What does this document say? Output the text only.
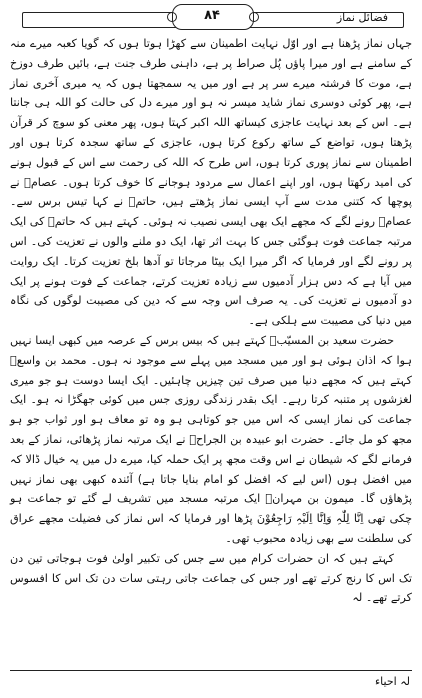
۸۴	فضائل نماز

جہاں نماز پڑھنا ہے اور اوّل نہایت اطمینان سے کھڑا ہوتا ہوں کہ گویا کعبہ میرے منہ کے سامنے ہے اور میرا پاؤں پُل صراط پر ہے، داہنی طرف جنت ہے، بائیں طرف دوزخ ہے، موت کا فرشتہ میرے سر پر ہے اور میں یہ سمجھتا ہوں کہ یہ میری آخری نماز ہے، پھر کوئی دوسری نماز شاید میسر نہ ہو اور میرے دل کی حالت کو اللہ ہی جانتا ہے۔ اس کے بعد نہایت عاجزی کیساتھ اللہ اکبر کہتا ہوں، پھر معنی کو سوچ کر قرآن پڑھتا ہوں، تواضع کے ساتھ رکوع کرتا ہوں، عاجزی کے ساتھ سجدہ کرتا ہوں اور اطمینان سے نماز پوری کرتا ہوں، اس طرح کہ اللہ کی رحمت سے اس کے قبول ہونے کی امید رکھتا ہوں، اور اپنے اعمال سے مردود ہوجانے کا خوف کرتا ہوں۔ عصامؒ نے پوچھا کہ کتنی مدت سے آپ ایسی نماز پڑھتے ہیں، حاتمؒ نے کہا تیس برس سے۔ عصامؒ رونے لگے کہ مجھے ایک بھی ایسی نصیب نہ ہوئی۔ کہتے ہیں کہ حاتمؒ کی ایک مرتبہ جماعت فوت ہوگئی جس کا بہت اثر تھا، ایک دو ملنے والوں نے تعزیت کی۔ اس پر رونے لگے اور فرمایا کہ اگر میرا ایک بیٹا مرجاتا تو آدھا بلخ تعزیت کرتا۔ ایک روایت میں آیا ہے کہ دس ہزار آدمیوں سے زیادہ تعزیت کرتے، جماعت کے فوت ہونے پر ایک دو آدمیوں نے تعزیت کی۔ یہ صرف اس وجہ سے کہ دین کی مصیبت لوگوں کی نگاہ میں دنیا کی مصیبت سے ہلکی ہے۔

حضرت سعید بن المسیّبؒ کہتے ہیں کہ بیس برس کے عرصہ میں کبھی ایسا نہیں ہوا کہ اذان ہوئی ہو اور میں مسجد میں پہلے سے موجود نہ ہوں۔ محمد بن واسعؒ کہتے ہیں کہ مجھے دنیا میں صرف تین چیزیں چاہئیں۔ ایک ایسا دوست ہو جو میری لغزشوں پر متنبہ کرتا رہے۔ ایک بقدر زندگی روزی جس میں کوئی جھگڑا نہ ہو۔ ایک جماعت کی نماز ایسی کہ اس میں جو کوتاہی ہو وہ تو معاف ہو اور ثواب جو ہو مجھ کو مل جائے۔ حضرت ابو عبیدہ بن الجراحؓ نے ایک مرتبہ نماز پڑھائی، نماز کے بعد فرمانے لگے کہ شیطان نے اس وقت مجھ پر ایک حملہ کیا، میرے دل میں یہ خیال ڈالا کہ میں افضل ہوں (اس لیے کہ افضل کو امام بنایا جاتا ہے) آئندہ کبھی بھی نماز نہیں پڑھاؤں گا۔ میمون بن مہرانؒ ایک مرتبہ مسجد میں تشریف لے گئے تو جماعت ہو چکی تھی اِنَّا لِلّٰہِ وَاِنَّا اِلَیْہِ رَاجِعُوْنَ پڑھا اور فرمایا کہ اس نماز کی فضیلت مجھے عراق کی سلطنت سے بھی زیادہ محبوب تھی۔

کہتے ہیں کہ ان حضرات کرام میں سے جس کی تکبیر اولیٰ فوت ہوجاتی تین دن تک اس کا رنج کرتے تھے اور جس کی جماعت جاتی رہتی سات دن تک اس کا افسوس کرتے تھے۔ لہ

لہ احیاء
